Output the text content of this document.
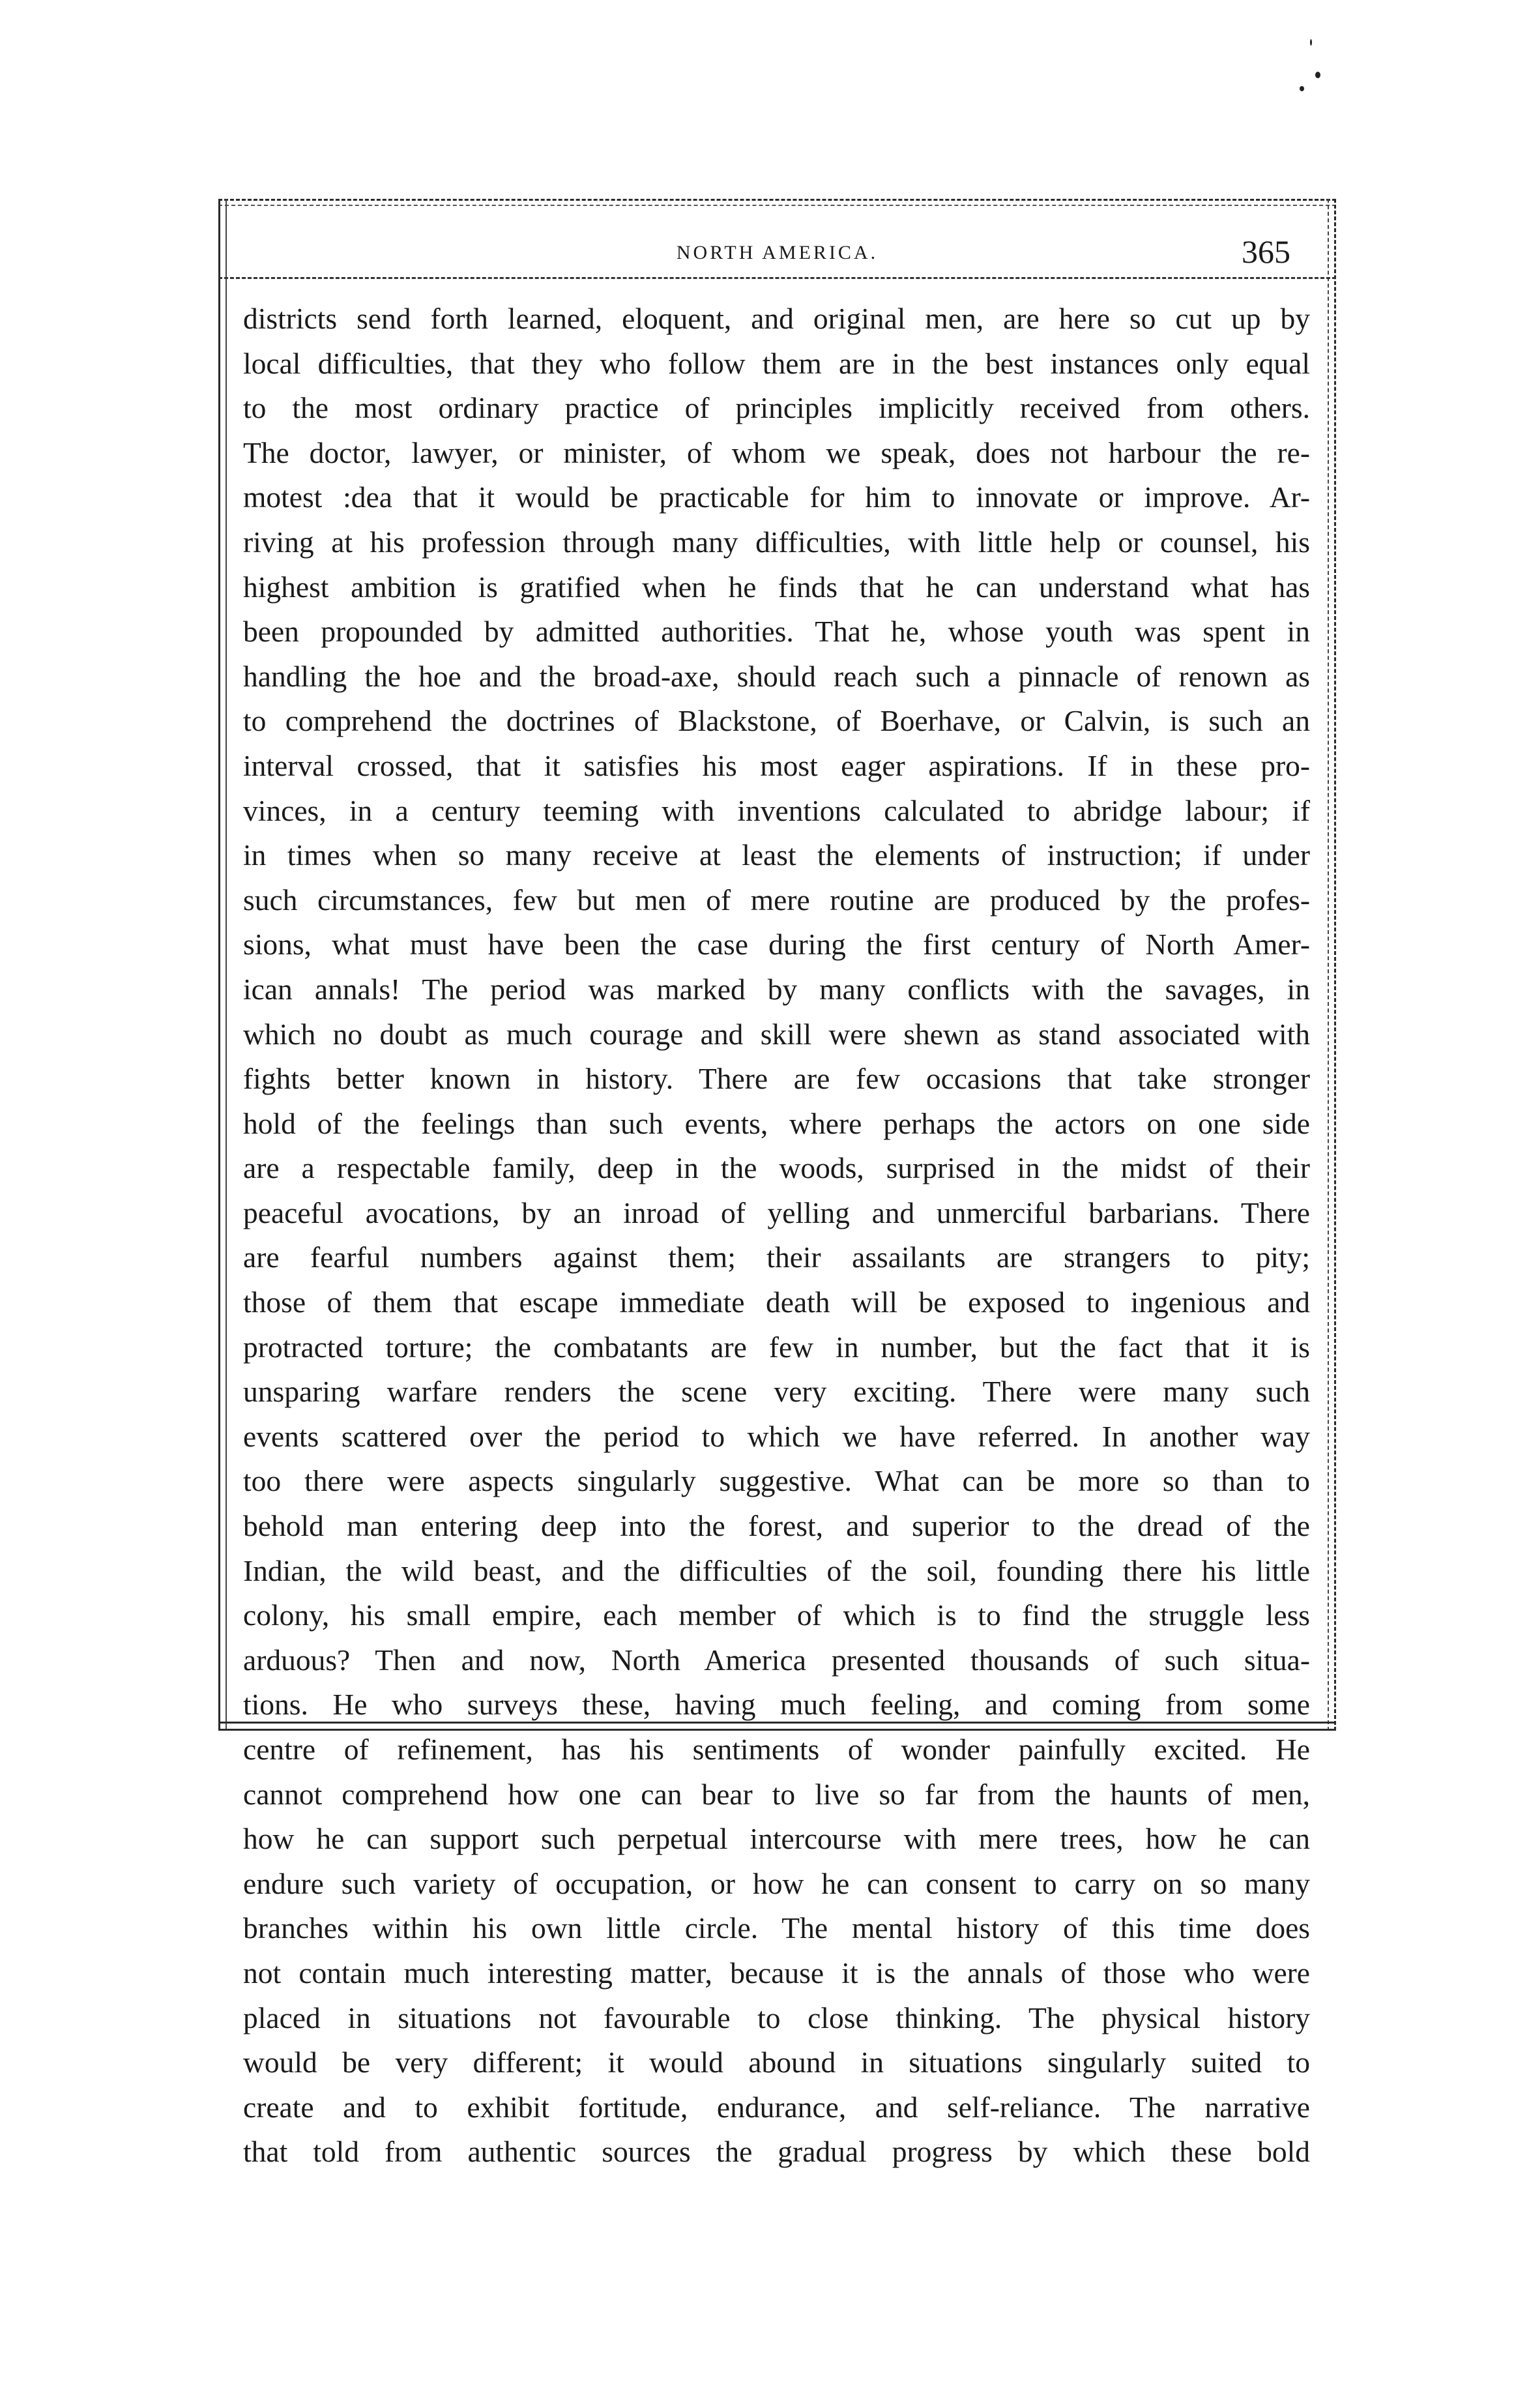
NORTH AMERICA.	365
districts send forth learned, eloquent, and original men, are here so cut up by
local difficulties, that they who follow them are in the best instances only equal
to the most ordinary practice of principles implicitly received from others.
The doctor, lawyer, or minister, of whom we speak, does not harbour the re-
motest :dea that it would be practicable for him to innovate or improve. Ar-
riving at his profession through many difficulties, with little help or counsel, his
highest ambition is gratified when he finds that he can understand what has
been propounded by admitted authorities. That he, whose youth was spent in
handling the hoe and the broad-axe, should reach such a pinnacle of renown as
to comprehend the doctrines of Blackstone, of Boerhave, or Calvin, is such an
interval crossed, that it satisfies his most eager aspirations. If in these pro-
vinces, in a century teeming with inventions calculated to abridge labour; if
in times when so many receive at least the elements of instruction; if under
such circumstances, few but men of mere routine are produced by the profes-
sions, what must have been the case during the first century of North Amer-
ican annals! The period was marked by many conflicts with the savages, in
which no doubt as much courage and skill were shewn as stand associated with
fights better known in history. There are few occasions that take stronger
hold of the feelings than such events, where perhaps the actors on one side
are a respectable family, deep in the woods, surprised in the midst of their
peaceful avocations, by an inroad of yelling and unmerciful barbarians. There
are fearful numbers against them; their assailants are strangers to pity;
those of them that escape immediate death will be exposed to ingenious and
protracted torture; the combatants are few in number, but the fact that it is
unsparing warfare renders the scene very exciting. There were many such
events scattered over the period to which we have referred. In another way
too there were aspects singularly suggestive. What can be more so than to
behold man entering deep into the forest, and superior to the dread of the
Indian, the wild beast, and the difficulties of the soil, founding there his little
colony, his small empire, each member of which is to find the struggle less
arduous? Then and now, North America presented thousands of such situa-
tions. He who surveys these, having much feeling, and coming from some
centre of refinement, has his sentiments of wonder painfully excited. He
cannot comprehend how one can bear to live so far from the haunts of men,
how he can support such perpetual intercourse with mere trees, how he can
endure such variety of occupation, or how he can consent to carry on so many
branches within his own little circle. The mental history of this time does
not contain much interesting matter, because it is the annals of those who were
placed in situations not favourable to close thinking. The physical history
would be very different; it would abound in situations singularly suited to
create and to exhibit fortitude, endurance, and self-reliance. The narrative
that told from authentic sources the gradual progress by which these bold
